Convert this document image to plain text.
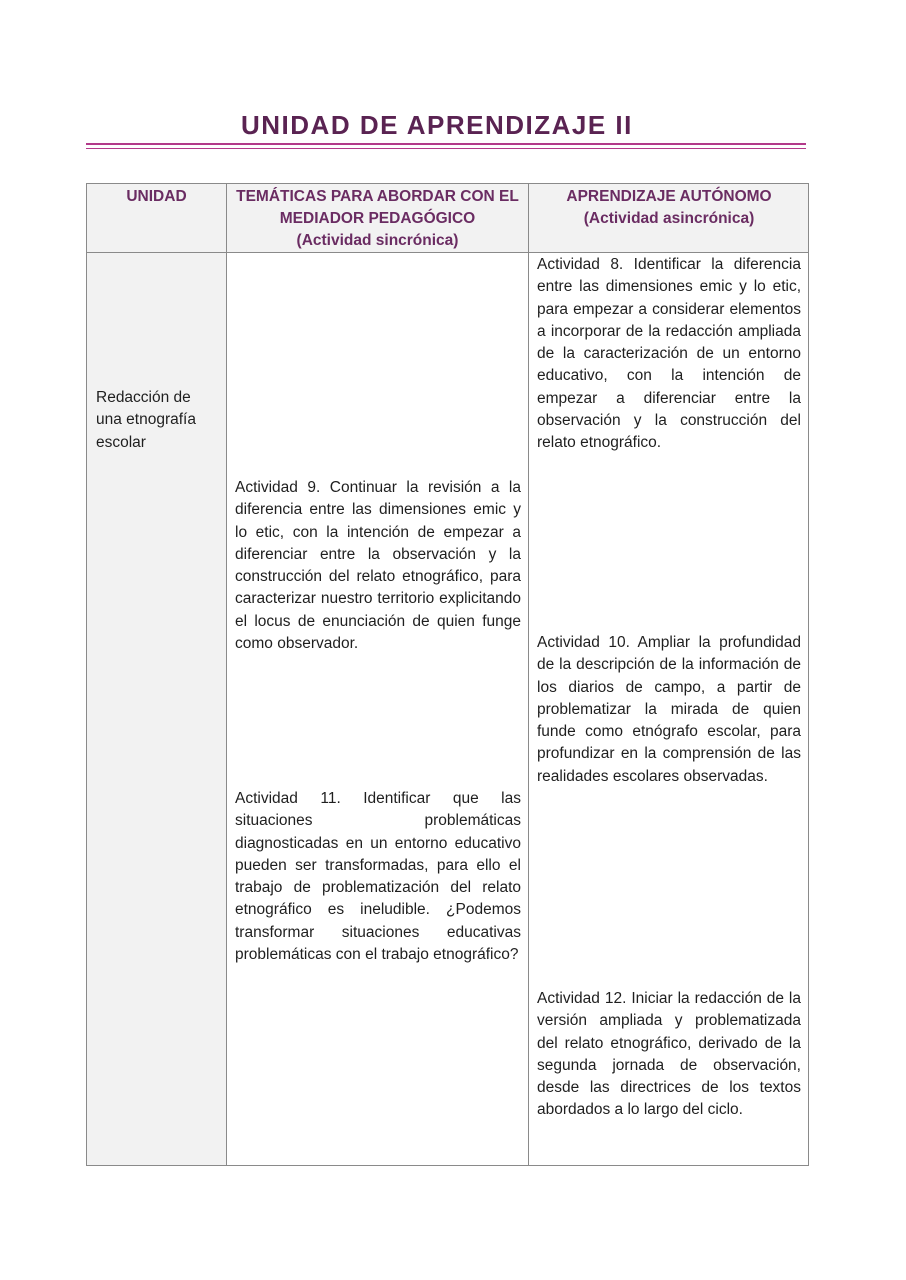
UNIDAD DE APRENDIZAJE II
UNIDAD	TEMÁTICAS PARA ABORDAR CON EL
MEDIADOR PEDAGÓGICO
(Actividad sincrónica)
APRENDIZAJE AUTÓNOMO
(Actividad asincrónica)
Redacción de una etnografía escolar
Actividad 9. Continuar la revisión a la diferencia entre las dimensiones emic y lo etic, con la intención de empezar a diferenciar entre la observación y la construcción del relato etnográfico, para caracterizar nuestro territorio explicitando el locus de enunciación de quien funge como observador.
Actividad 11. Identificar que las situaciones problemáticas diagnosticadas en un entorno educativo pueden ser transformadas, para ello el trabajo de problematización del relato etnográfico es ineludible. ¿Podemos transformar situaciones educativas problemáticas con el trabajo etnográfico?
Actividad 8. Identificar la diferencia entre las dimensiones emic y lo etic, para empezar a considerar elementos a incorporar de la redacción ampliada de la caracterización de un entorno educativo, con la intención de empezar a diferenciar entre la observación y la construcción del relato etnográfico.
Actividad 10. Ampliar la profundidad de la descripción de la información de los diarios de campo, a partir de problematizar la mirada de quien funde como etnógrafo escolar, para profundizar en la comprensión de las realidades escolares observadas.
Actividad 12. Iniciar la redacción de la versión ampliada y problematizada del relato etnográfico, derivado de la segunda jornada de observación, desde las directrices de los textos abordados a lo largo del ciclo.
